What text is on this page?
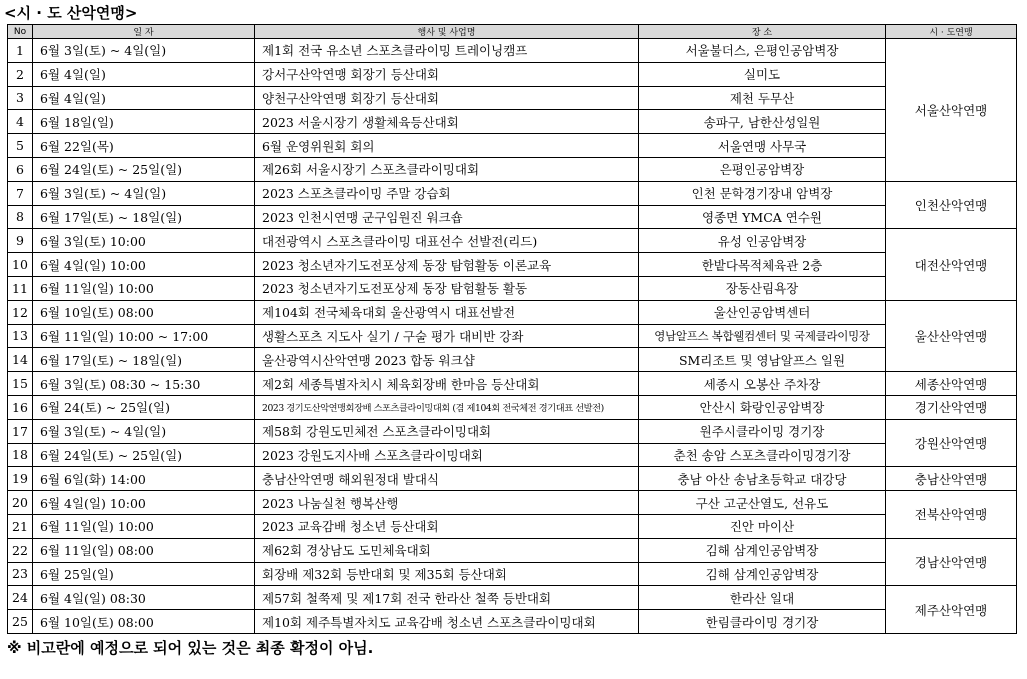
<시 · 도 산악연맹>
No	일 자	행사 및 사업명	장 소	시 · 도연맹
1	6월 3일(토) ~ 4일(일)	제1회 전국 유소년 스포츠클라이밍 트레이닝캠프	서울불더스, 은평인공암벽장	서울산악연맹
2	6월 4일(일)	강서구산악연맹 회장기 등산대회	실미도	
3	6월 4일(일)	양천구산악연맹 회장기 등산대회	제천 두무산	
4	6월 18일(일)	2023 서울시장기 생활체육등산대회	송파구, 남한산성일원	
5	6월 22일(목)	6월 운영위원회 회의	서울연맹 사무국	
6	6월 24일(토) ~ 25일(일)	제26회 서울시장기 스포츠클라이밍대회	은평인공암벽장	
7	6월 3일(토) ~ 4일(일)	2023 스포츠클라이밍 주말 강습회	인천 문학경기장내 암벽장	인천산악연맹
8	6월 17일(토) ~ 18일(일)	2023 인천시연맹 군구임원진 워크숍	영종면 YMCA 연수원	
9	6월 3일(토) 10:00	대전광역시 스포츠클라이밍 대표선수 선발전(리드)	유성 인공암벽장	대전산악연맹
10	6월 4일(일) 10:00	2023 청소년자기도전포상제 동장 탐험활동 이론교육	한밭다목적체육관 2층	
11	6월 11일(일) 10:00	2023 청소년자기도전포상제 동장 탐험활동 활동	장동산림욕장	
12	6월 10일(토) 08:00	제104회 전국체육대회 울산광역시 대표선발전	울산인공암벽센터	울산산악연맹
13	6월 11일(일) 10:00 ~ 17:00	생활스포츠 지도사 실기 / 구술 평가 대비반 강좌	영남알프스 복합웰컴센터 및 국제클라이밍장	
14	6월 17일(토) ~ 18일(일)	울산광역시산악연맹 2023 합동 워크샵	SM리조트 및 영남알프스 일원	
15	6월 3일(토) 08:30 ~ 15:30	제2회 세종특별자치시 체육회장배 한마음 등산대회	세종시 오봉산 주차장	세종산악연맹
16	6월 24(토) ~ 25일(일)	2023 경기도산악연맹회장배 스포츠클라이밍대회 (겸 제104회 전국체전 경기대표 선발전)	안산시 화랑인공암벽장	경기산악연맹
17	6월 3일(토) ~ 4일(일)	제58회 강원도민체전 스포츠클라이밍대회	원주시클라이밍 경기장	강원산악연맹
18	6월 24일(토) ~ 25일(일)	2023 강원도지사배 스포츠클라이밍대회	춘천 송암 스포츠클라이밍경기장	
19	6월 6일(화) 14:00	충남산악연맹 해외원정대 발대식	충남 아산 송남초등학교 대강당	충남산악연맹
20	6월 4일(일) 10:00	2023 나눔실천 행복산행	구산 고군산열도, 선유도	전북산악연맹
21	6월 11일(일) 10:00	2023 교육감배 청소년 등산대회	진안 마이산	
22	6월 11일(일) 08:00	제62회 경상남도 도민체육대회	김해 삼계인공암벽장	경남산악연맹
23	6월 25일(일)	회장배 제32회 등반대회 및 제35회 등산대회	김해 삼계인공암벽장	
24	6월 4일(일) 08:30	제57회 철쭉제 및 제17회 전국 한라산 철쭉 등반대회	한라산 일대	제주산악연맹
25	6월 10일(토) 08:00	제10회 제주특별자치도 교육감배 청소년 스포츠클라이밍대회	한림클라이밍 경기장	
※ 비고란에 예정으로 되어 있는 것은 최종 확정이 아님.
